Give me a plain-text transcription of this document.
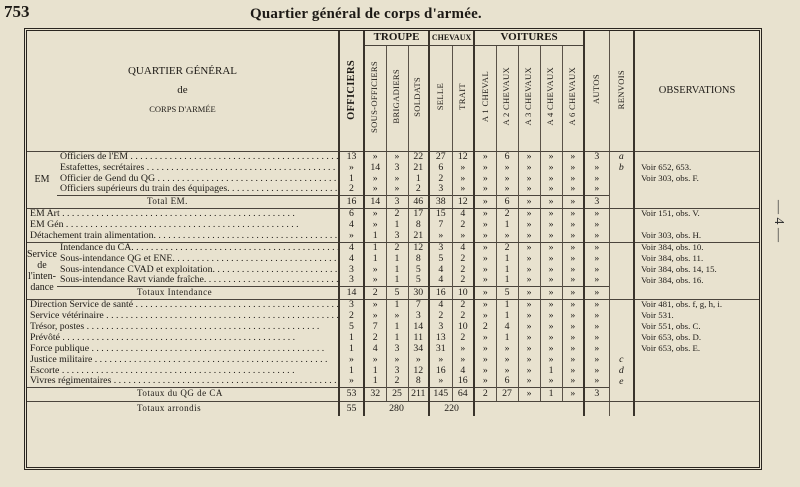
753	Quartier général de corps d'armée.
— 4 —
QUARTIER GÉNÉRAL
de
CORPS D'ARMÉE		OFFICIERS	TROUPE			CHEVAUX		VOITURES					AUTOS	RENVOIS	OBSERVATIONS
			SOUS-OFFICIERS	BRIGADIERS	SOLDATS	SELLE	TRAIT	A 1 CHEVAL	A 2 CHEVAUX	A 3 CHEVAUX	A 4 CHEVAUX	A 6 CHEVAUX			
EM	Officiers de l'EM . . .	13	»	»	22	27	12	»	6	»	»	»	3	a	
	Estafettes, secrétaires . . .	»	14	3	21	6	»	»	»	»	»	»	»	b	Voir 652, 653.
	Officier de Gend du QG . . .	1	»	»	1	2	»	»	»	»	»	»	»		Voir 303, obs. F.
	Officiers supérieurs du train des équipages. . . .	2	»	»	2	3	»	»	»	»	»	»	»		
	Total EM.	16	14	3	46	38	12	»	6	»	»	»	3		
EM Art . . .		6	»	2	17	15	4	»	2	»	»	»	»		Voir 151, obs. V.
EM Gén . . .		4	»	1	8	7	2	»	1	»	»	»	»		
Détachement train alimentation. . . .		»	1	3	21	»	»	»	»	»	»	»	»		Voir 303, obs. H.

Service
de
l'inten-
dance	Intendance du CA. . . .	4	1	2	12	3	4	»	2	»	»	»	»		Voir 384, obs. 10.
	Sous-intendance QG et ENE. . . .	4	1	1	8	5	2	»	1	»	»	»	»		Voir 384, obs. 11.
	Sous-intendance CVAD et exploitation. . . .	3	»	1	5	4	2	»	1	»	»	»	»		Voir 384, obs. 14, 15.
	Sous-intendance Ravt viande fraîche. . . .	3	»	1	5	4	2	»	1	»	»	»	»		Voir 384, obs. 16.
	Totaux Intendance	14	2	5	30	16	10	»	5	»	»	»	»		
Direction Service de santé . . .		3	»	1	7	4	2	»	1	»	»	»	»		Voir 481, obs. f, g, h, i.
Service vétérinaire . . .		2	»	»	3	2	2	»	1	»	»	»	»		Voir 531.
Trésor, postes . . .		5	7	1	14	3	10	2	4	»	»	»	»		Voir 551, obs. C.
Prévôté . . .		1	2	1	11	13	2	»	1	»	»	»	»		Voir 653, obs. D.
Force publique . . .		1	4	3	34	31	»	»	»	»	»	»	»		Voir 653, obs. E.
Justice militaire . . .		»	»	»	»	»	»	»	»	»	»	»	»	c	
Escorte . . .		1	1	3	12	16	4	»	»	»	1	»	»	d	
Vivres régimentaires . . .		»	1	2	8	»	16	»	6	»	»	»	»	e	
Totaux du QG de CA		53	32	25	211	145	64	2	27	»	1	»	3		
Totaux arrondis		55	280			220									
